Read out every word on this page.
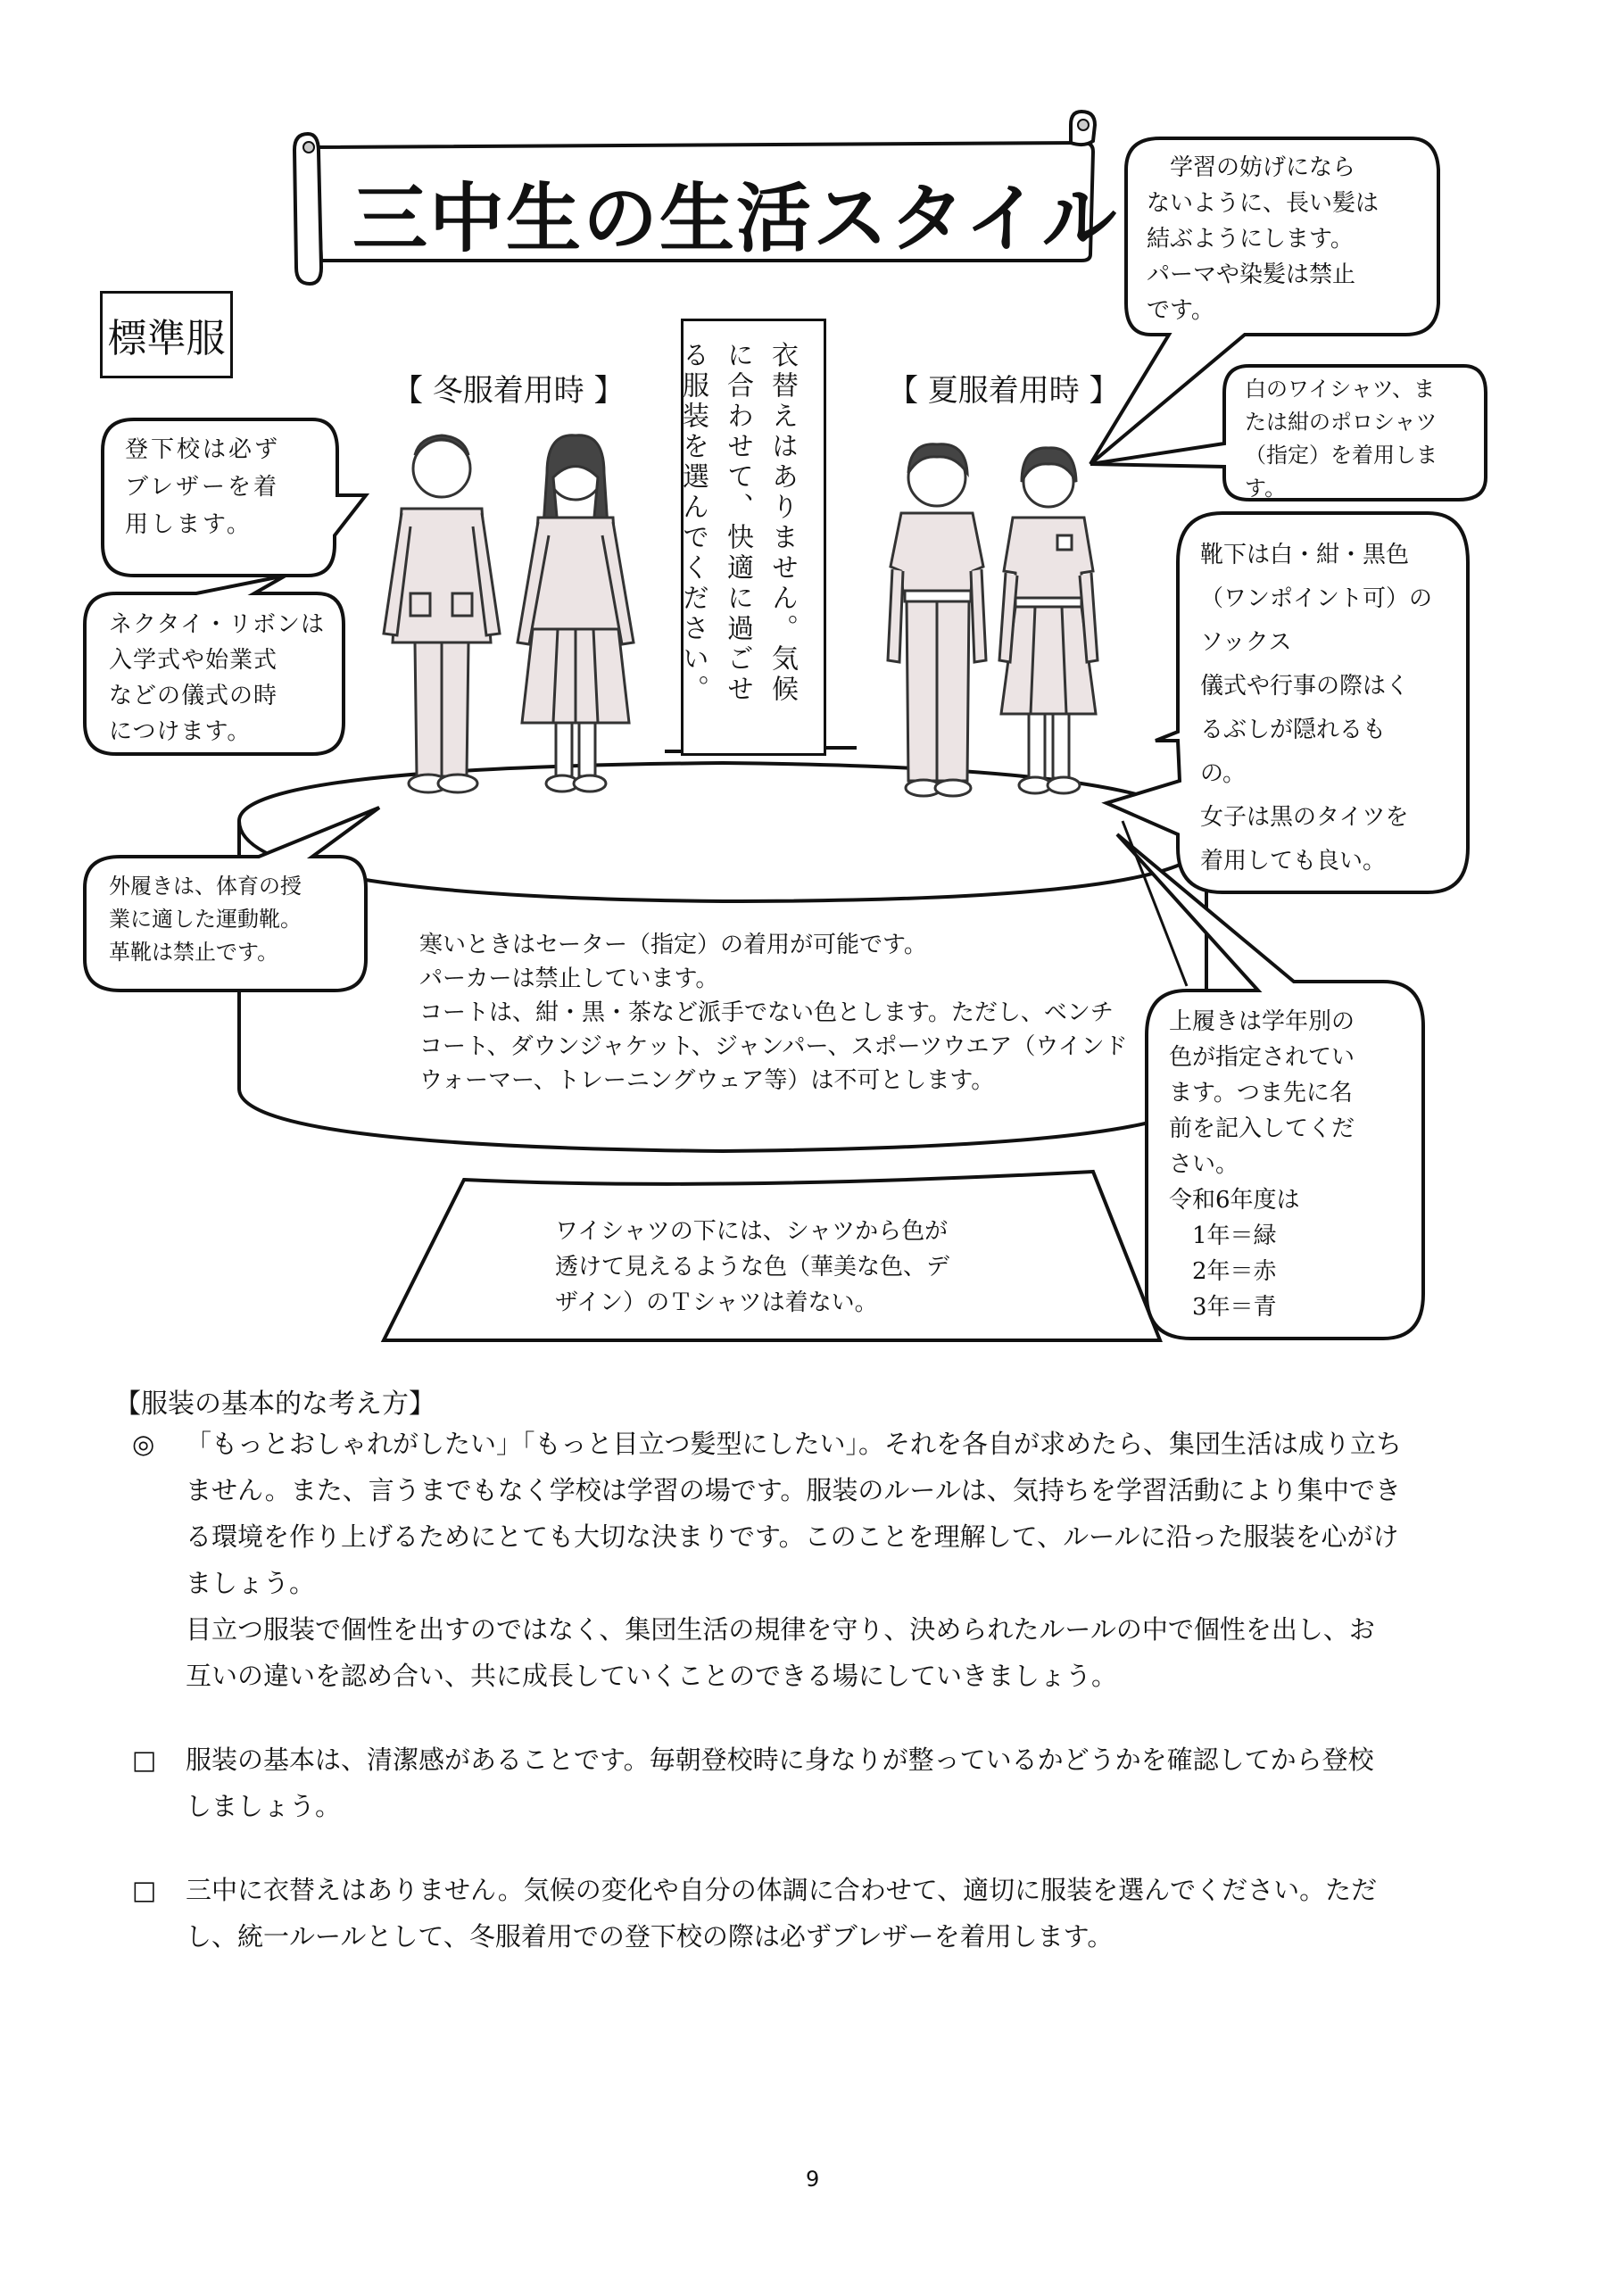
三中生の生活スタイル
標準服
【 冬服着用時 】	【 夏服着用時 】
衣替えはありません。気候に合わせて、快適に過ごせる服装を選んでください。
　学習の妨げになら
ないように、長い髪は
結ぶようにします。
パーマや染髪は禁止
です。
白のワイシャツ、ま
たは紺のポロシャツ
（指定）を着用しま
す。
靴下は白・紺・黒色
（ワンポイント可）の
ソックス
儀式や行事の際はく
るぶしが隠れるも
の。
女子は黒のタイツを
着用しても良い。
登下校は必ず
ブレザーを着
用します。
ネクタイ・リボンは
入学式や始業式
などの儀式の時
につけます。
外履きは、体育の授
業に適した運動靴。
革靴は禁止です。
上履きは学年別の
色が指定されてい
ます。つま先に名
前を記入してくだ
さい。
令和6年度は
　1年＝緑
　2年＝赤
　3年＝青
寒いときはセーター（指定）の着用が可能です。
パーカーは禁止しています。
コートは、紺・黒・茶など派手でない色とします。ただし、ベンチ
コート、ダウンジャケット、ジャンパー、スポーツウエア（ウインド
ウォーマー、トレーニングウェア等）は不可とします。
ワイシャツの下には、シャツから色が
透けて見えるような色（華美な色、デ
ザイン）のＴシャツは着ない。
【服装の基本的な考え方】

◎ 「もっとおしゃれがしたい」「もっと目立つ髪型にしたい」。それを各自が求めたら、集団生活は成り立ち

ません。また、言うまでもなく学校は学習の場です。服装のルールは、気持ちを学習活動により集中でき

る環境を作り上げるためにとても大切な決まりです。このことを理解して、ルールに沿った服装を心がけ

ましょう。

目立つ服装で個性を出すのではなく、集団生活の規律を守り、決められたルールの中で個性を出し、お

互いの違いを認め合い、共に成長していくことのできる場にしていきましょう。

□ 服装の基本は、清潔感があることです。毎朝登校時に身なりが整っているかどうかを確認してから登校

しましょう。

□ 三中に衣替えはありません。気候の変化や自分の体調に合わせて、適切に服装を選んでください。ただ

し、統一ルールとして、冬服着用での登下校の際は必ずブレザーを着用します。

9
